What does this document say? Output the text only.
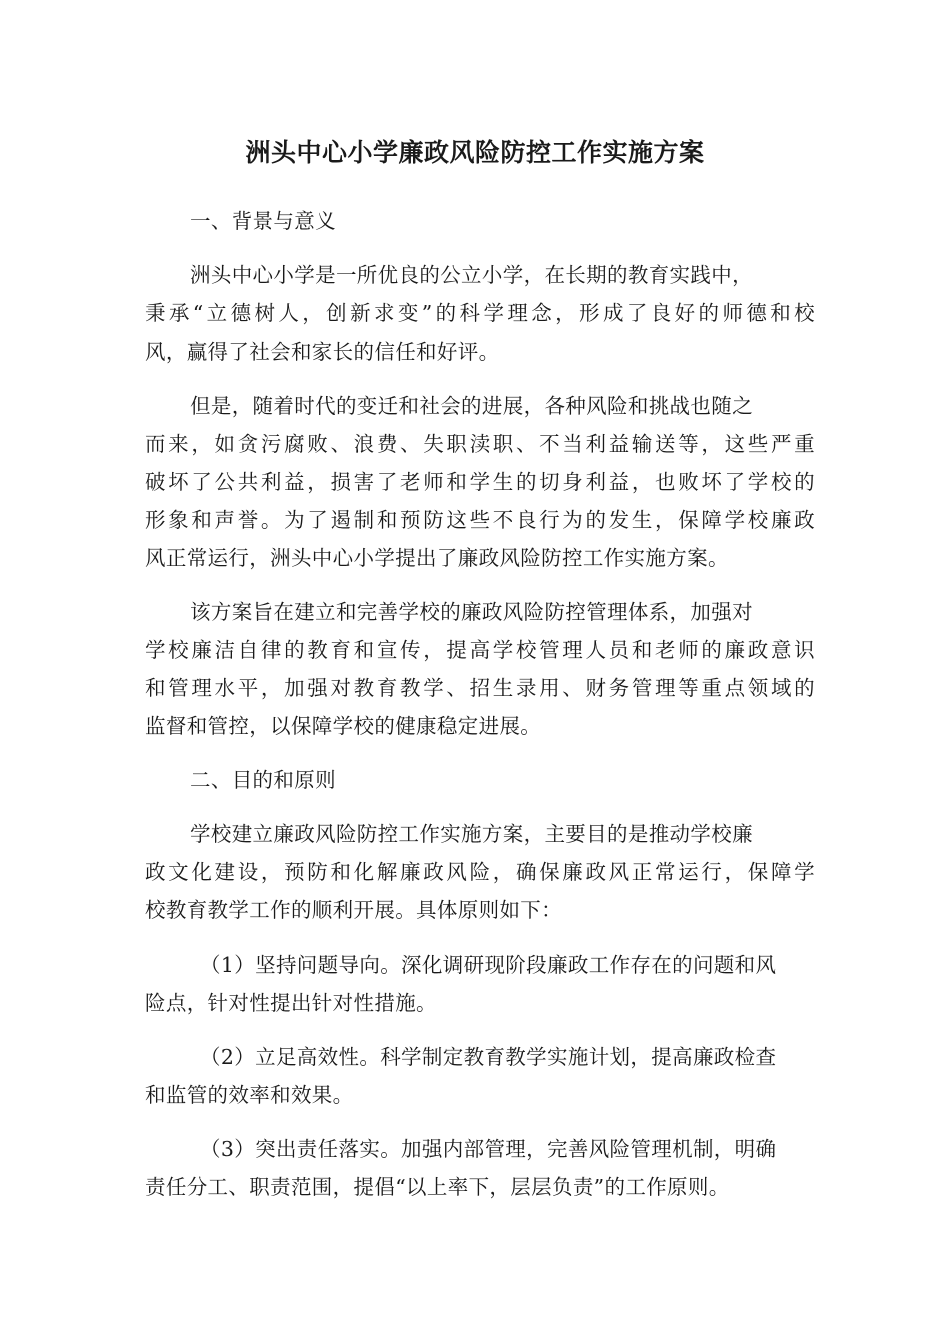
洲头中心小学廉政风险防控工作实施方案
一、背景与意义
洲头中心小学是一所优良的公立小学，在长期的教育实践中，
秉承“立德树人，创新求变”的科学理念，形成了良好的师德和校
风，赢得了社会和家长的信任和好评。
但是，随着时代的变迁和社会的进展，各种风险和挑战也随之
而来，如贪污腐败、浪费、失职渎职、不当利益输送等，这些严重
破坏了公共利益，损害了老师和学生的切身利益，也败坏了学校的
形象和声誉。为了遏制和预防这些不良行为的发生，保障学校廉政
风正常运行，洲头中心小学提出了廉政风险防控工作实施方案。
该方案旨在建立和完善学校的廉政风险防控管理体系，加强对
学校廉洁自律的教育和宣传，提高学校管理人员和老师的廉政意识
和管理水平，加强对教育教学、招生录用、财务管理等重点领域的
监督和管控，以保障学校的健康稳定进展。
二、目的和原则
学校建立廉政风险防控工作实施方案，主要目的是推动学校廉
政文化建设，预防和化解廉政风险，确保廉政风正常运行，保障学
校教育教学工作的顺利开展。具体原则如下：
（1）坚持问题导向。深化调研现阶段廉政工作存在的问题和风
险点，针对性提出针对性措施。
（2）立足高效性。科学制定教育教学实施计划，提高廉政检查
和监管的效率和效果。
（3）突出责任落实。加强内部管理，完善风险管理机制，明确
责任分工、职责范围，提倡“以上率下，层层负责”的工作原则。
